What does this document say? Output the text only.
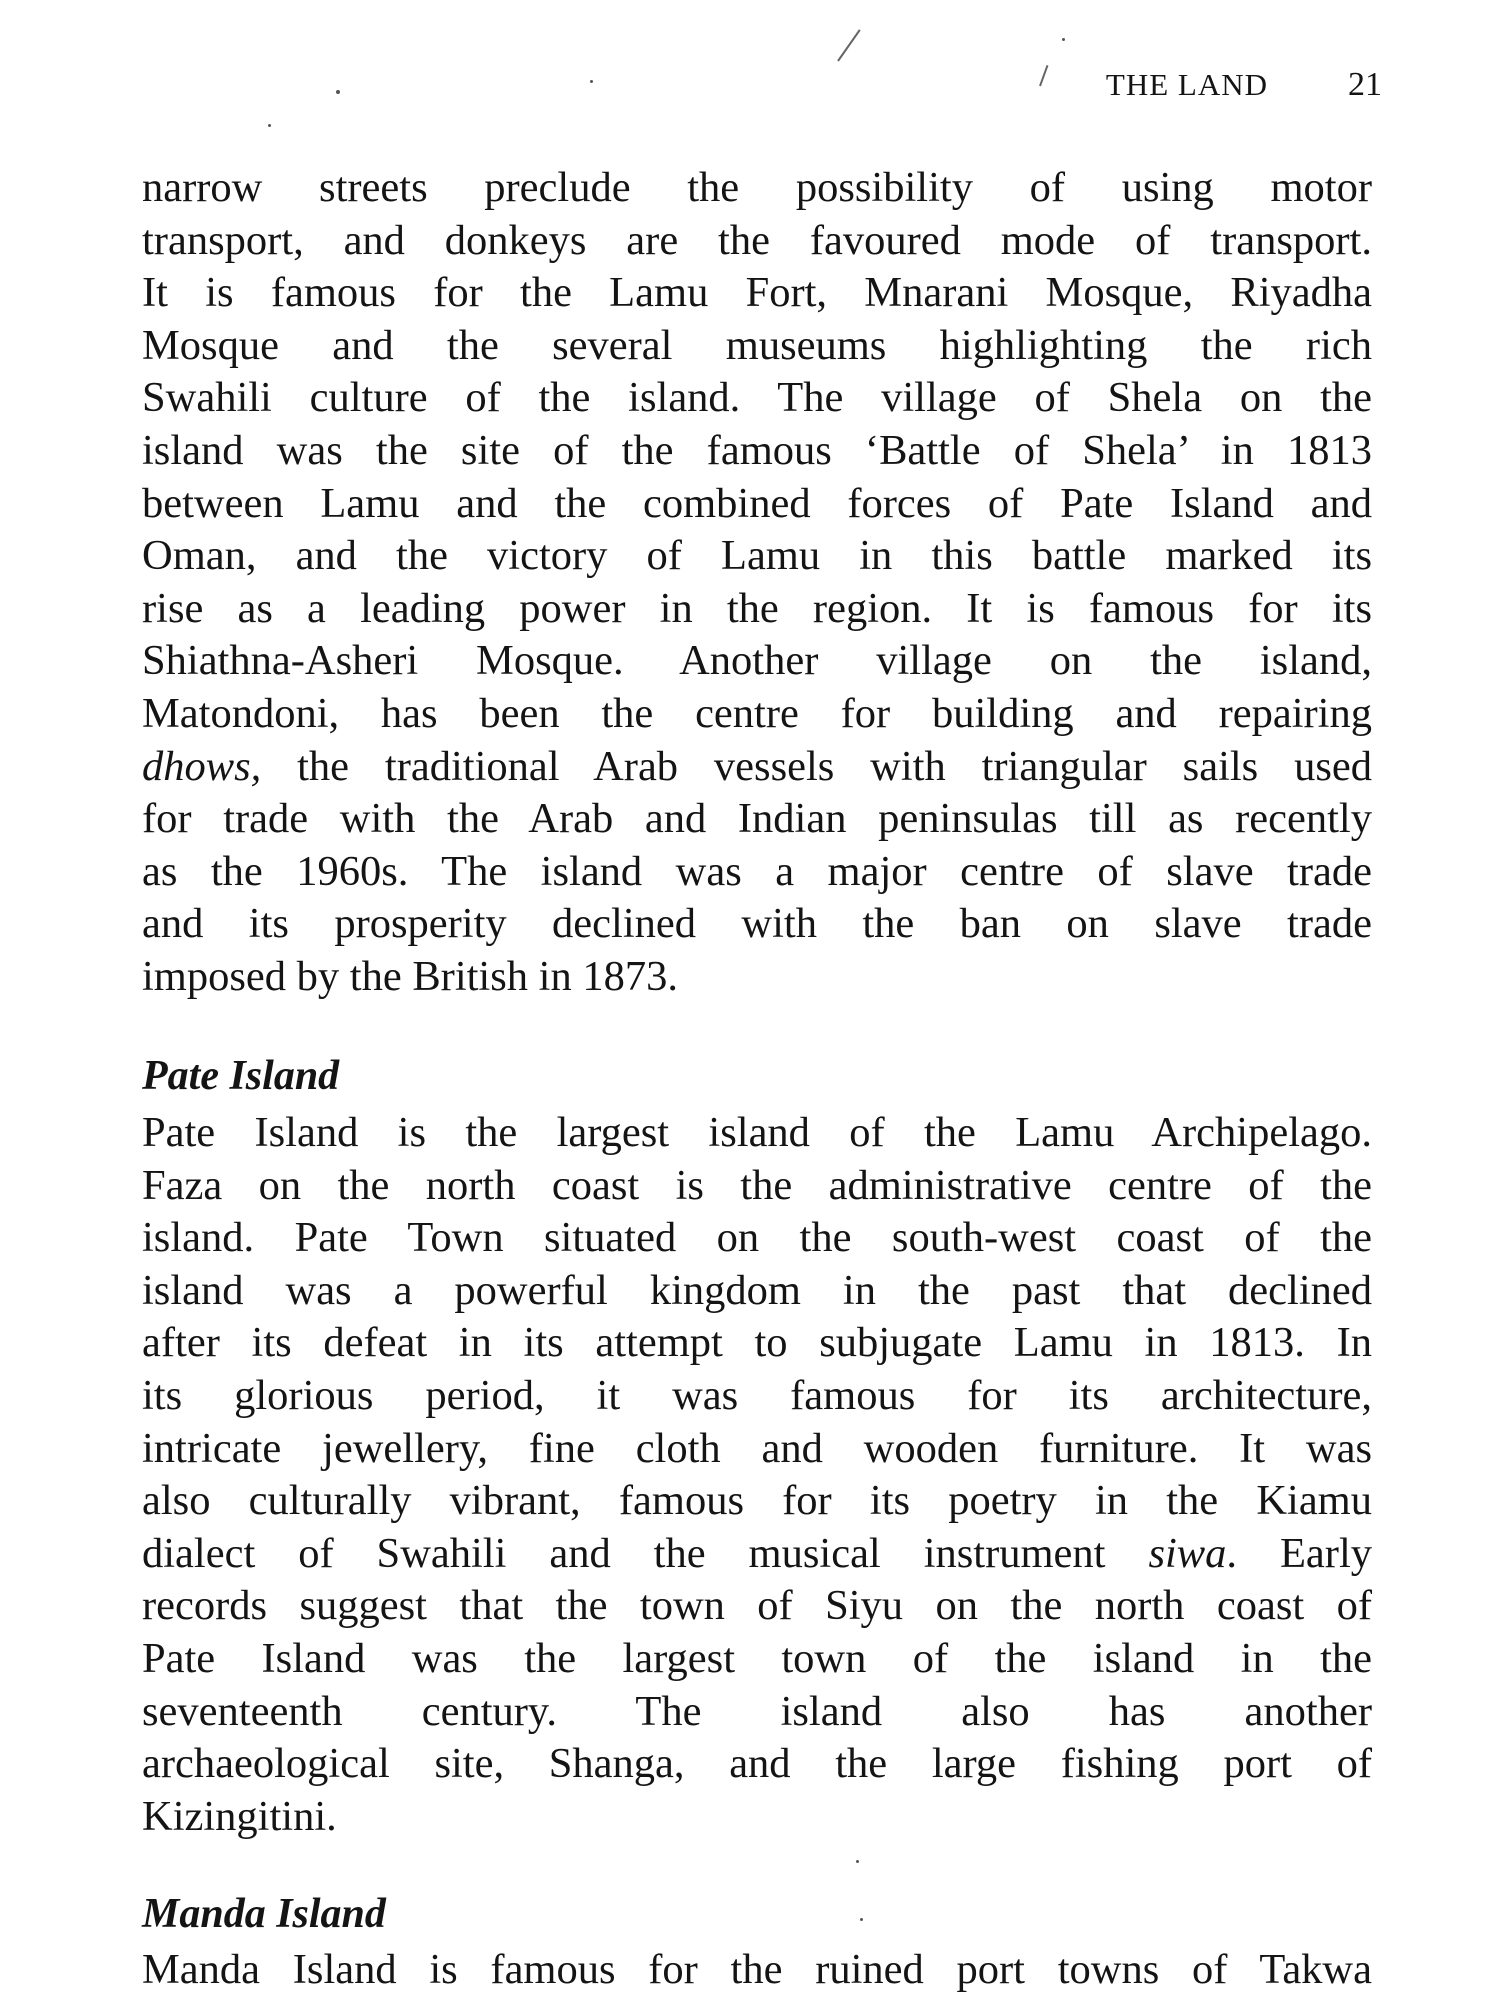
THE LAND 21
narrow streets preclude the possibility of using motor
transport, and donkeys are the favoured mode of transport.
It is famous for the Lamu Fort, Mnarani Mosque, Riyadha
Mosque and the several museums highlighting the rich
Swahili culture of the island. The village of Shela on the
island was the site of the famous ‘Battle of Shela’ in 1813
between Lamu and the combined forces of Pate Island and
Oman, and the victory of Lamu in this battle marked its
rise as a leading power in the region. It is famous for its
Shiathna-Asheri Mosque. Another village on the island,
Matondoni, has been the centre for building and repairing
dhows, the traditional Arab vessels with triangular sails used
for trade with the Arab and Indian peninsulas till as recently
as the 1960s. The island was a major centre of slave trade
and its prosperity declined with the ban on slave trade
imposed by the British in 1873.
Pate Island
Pate Island is the largest island of the Lamu Archipelago.
Faza on the north coast is the administrative centre of the
island. Pate Town situated on the south-west coast of the
island was a powerful kingdom in the past that declined
after its defeat in its attempt to subjugate Lamu in 1813. In
its glorious period, it was famous for its architecture,
intricate jewellery, fine cloth and wooden furniture. It was
also culturally vibrant, famous for its poetry in the Kiamu
dialect of Swahili and the musical instrument siwa. Early
records suggest that the town of Siyu on the north coast of
Pate Island was the largest town of the island in the
seventeenth century. The island also has another
archaeological site, Shanga, and the large fishing port of
Kizingitini.
Manda Island
Manda Island is famous for the ruined port towns of Takwa
